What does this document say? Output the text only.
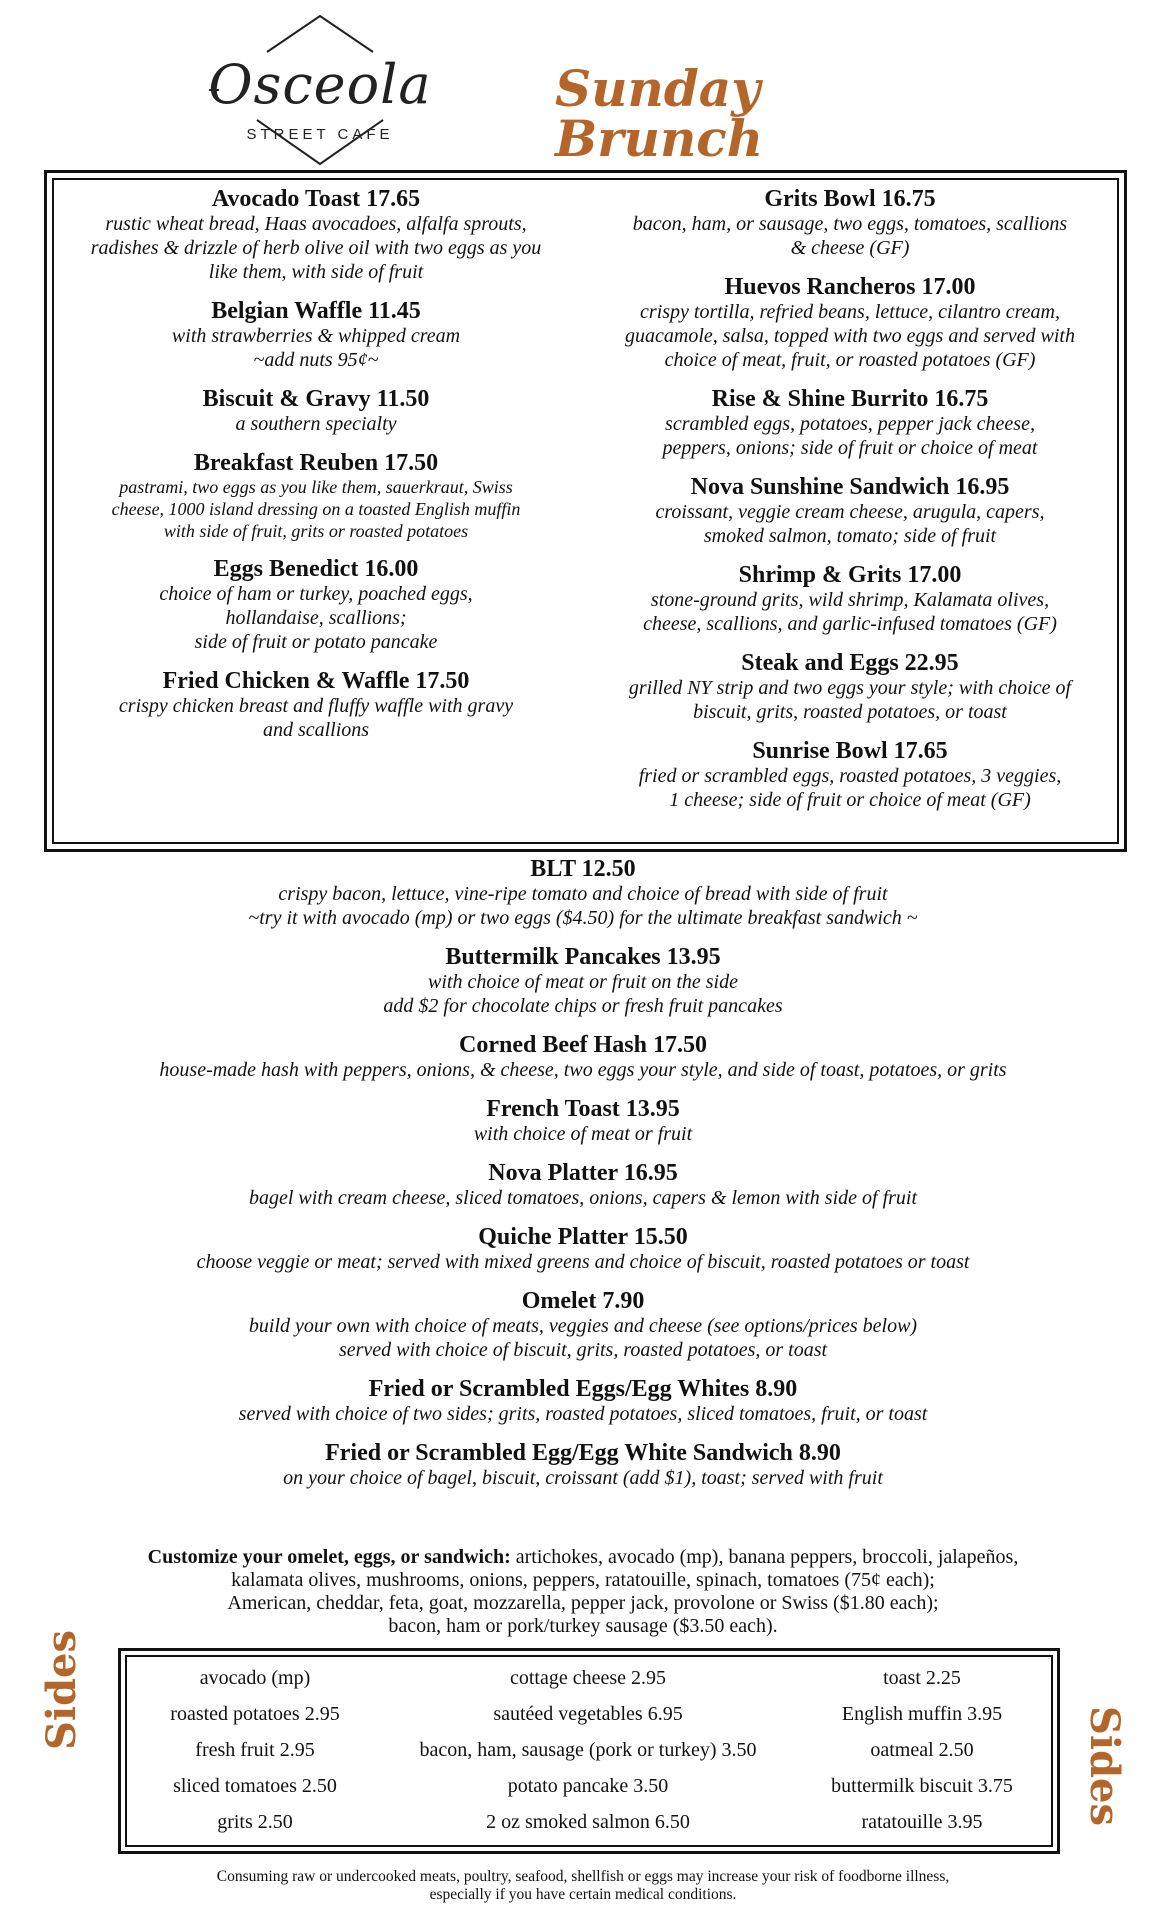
Osceola
STREET CAFE
Sunday Brunch
Avocado Toast 17.65
rustic wheat bread, Haas avocadoes, alfalfa sprouts,
radishes & drizzle of herb olive oil with two eggs as you
like them, with side of fruit
Belgian Waffle 11.45
with strawberries & whipped cream
~add nuts 95¢~
Biscuit & Gravy 11.50
a southern specialty
Breakfast Reuben 17.50
pastrami, two eggs as you like them, sauerkraut, Swiss
cheese, 1000 island dressing on a toasted English muffin
with side of fruit, grits or roasted potatoes
Eggs Benedict 16.00
choice of ham or turkey, poached eggs,
hollandaise, scallions;
side of fruit or potato pancake
Fried Chicken & Waffle 17.50
crispy chicken breast and fluffy waffle with gravy
and scallions
Grits Bowl 16.75
bacon, ham, or sausage, two eggs, tomatoes, scallions
& cheese (GF)
Huevos Rancheros 17.00
crispy tortilla, refried beans, lettuce, cilantro cream,
guacamole, salsa, topped with two eggs and served with
choice of meat, fruit, or roasted potatoes (GF)
Rise & Shine Burrito 16.75
scrambled eggs, potatoes, pepper jack cheese,
peppers, onions; side of fruit or choice of meat
Nova Sunshine Sandwich 16.95
croissant, veggie cream cheese, arugula, capers,
smoked salmon, tomato; side of fruit
Shrimp & Grits 17.00
stone-ground grits, wild shrimp, Kalamata olives,
cheese, scallions, and garlic-infused tomatoes (GF)
Steak and Eggs 22.95
grilled NY strip and two eggs your style; with choice of
biscuit, grits, roasted potatoes, or toast
Sunrise Bowl 17.65
fried or scrambled eggs, roasted potatoes, 3 veggies,
1 cheese; side of fruit or choice of meat (GF)
BLT 12.50
crispy bacon, lettuce, vine-ripe tomato and choice of bread with side of fruit
~try it with avocado (mp) or two eggs ($4.50) for the ultimate breakfast sandwich ~
Buttermilk Pancakes 13.95
with choice of meat or fruit on the side
add $2 for chocolate chips or fresh fruit pancakes
Corned Beef Hash 17.50
house-made hash with peppers, onions, & cheese, two eggs your style, and side of toast, potatoes, or grits
French Toast 13.95
with choice of meat or fruit
Nova Platter 16.95
bagel with cream cheese, sliced tomatoes, onions, capers & lemon with side of fruit
Quiche Platter 15.50
choose veggie or meat; served with mixed greens and choice of biscuit, roasted potatoes or toast
Omelet 7.90
build your own with choice of meats, veggies and cheese (see options/prices below)
served with choice of biscuit, grits, roasted potatoes, or toast
Fried or Scrambled Eggs/Egg Whites 8.90
served with choice of two sides; grits, roasted potatoes, sliced tomatoes, fruit, or toast
Fried or Scrambled Egg/Egg White Sandwich 8.90
on your choice of bagel, biscuit, croissant (add $1), toast; served with fruit
Customize your omelet, eggs, or sandwich: artichokes, avocado (mp), banana peppers, broccoli, jalapeños,
kalamata olives, mushrooms, onions, peppers, ratatouille, spinach, tomatoes (75¢ each);
American, cheddar, feta, goat, mozzarella, pepper jack, provolone or Swiss ($1.80 each);
bacon, ham or pork/turkey sausage ($3.50 each).
Sides
Sides
avocado (mp)
roasted potatoes 2.95
fresh fruit 2.95
sliced tomatoes 2.50
grits 2.50
cottage cheese 2.95
sautéed vegetables 6.95
bacon, ham, sausage (pork or turkey) 3.50
potato pancake 3.50
2 oz smoked salmon 6.50
toast 2.25
English muffin 3.95
oatmeal 2.50
buttermilk biscuit 3.75
ratatouille 3.95
Consuming raw or undercooked meats, poultry, seafood, shellfish or eggs may increase your risk of foodborne illness,
especially if you have certain medical conditions.
